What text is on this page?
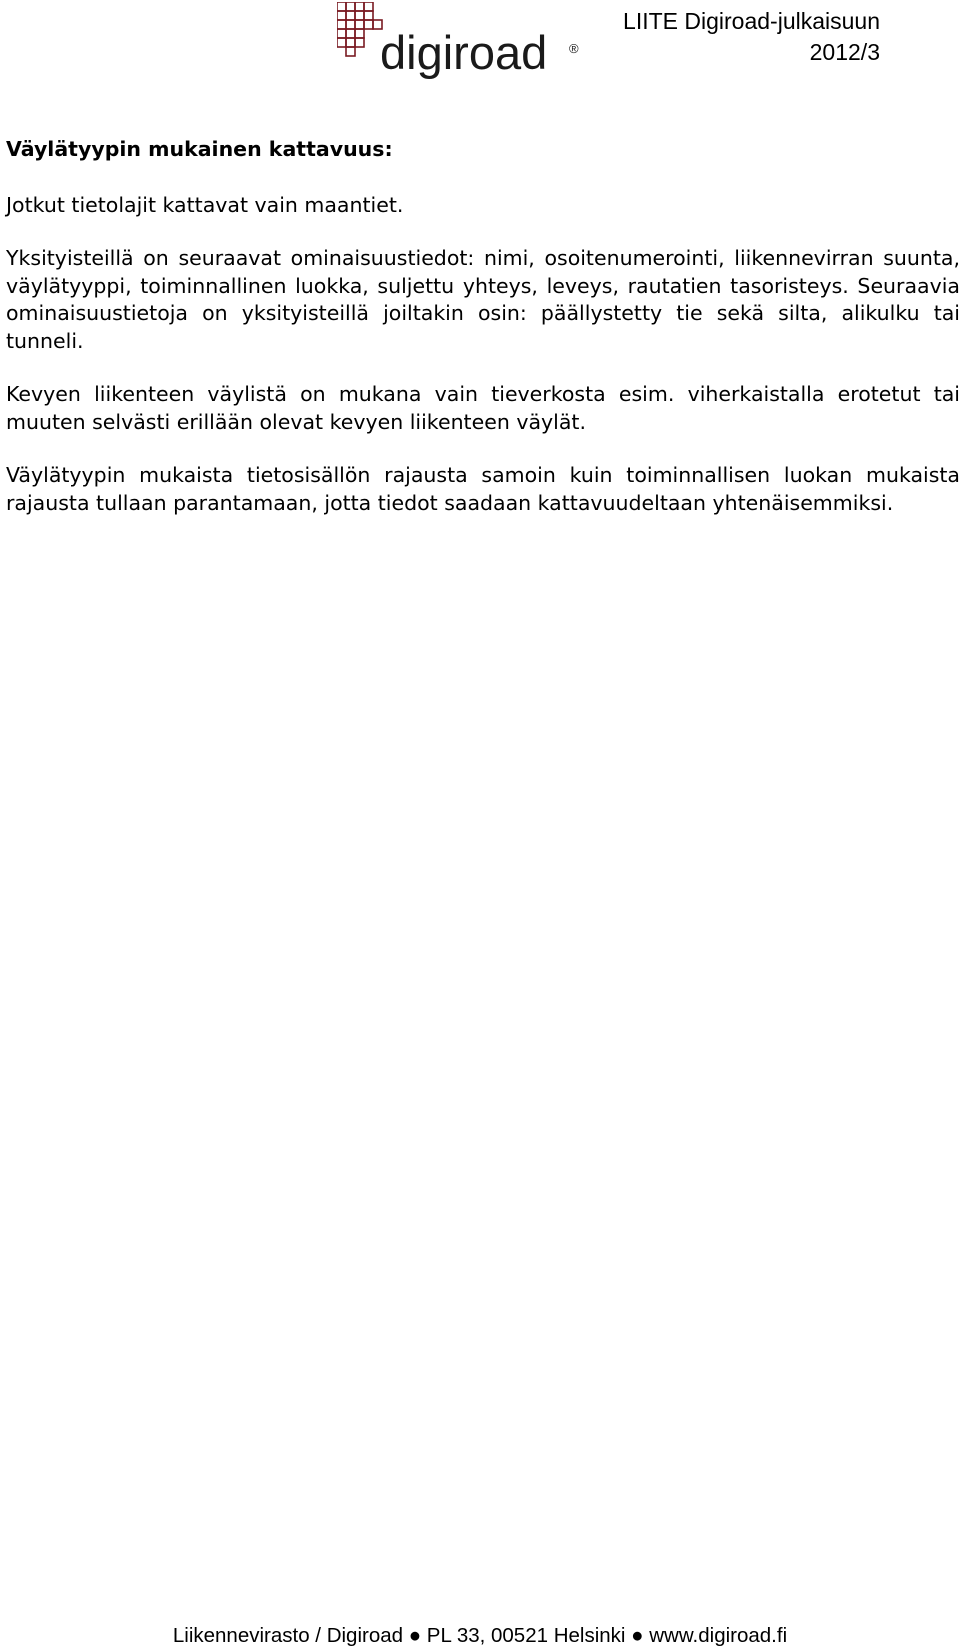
digiroad ®
LIITE Digiroad-julkaisuun
2012/3
Väylätyypin mukainen kattavuus:

Jotkut tietolajit kattavat vain maantiet.

Yksityisteillä on seuraavat ominaisuustiedot: nimi, osoitenumerointi, liikennevirran suunta, väylätyyppi, toiminnallinen luokka, suljettu yhteys, leveys, rautatien tasoristeys. Seuraavia ominaisuustietoja on yksityisteillä joiltakin osin: päällystetty tie sekä silta, alikulku tai tunneli.

Kevyen liikenteen väylistä on mukana vain tieverkosta esim. viherkaistalla erotetut tai muuten selvästi erillään olevat kevyen liikenteen väylät.

Väylätyypin mukaista tietosisällön rajausta samoin kuin toiminnallisen luokan mukaista rajausta tullaan parantamaan, jotta tiedot saadaan kattavuudeltaan yhtenäisemmiksi.

Liikennevirasto / Digiroad ● PL 33, 00521 Helsinki ● www.digiroad.fi
